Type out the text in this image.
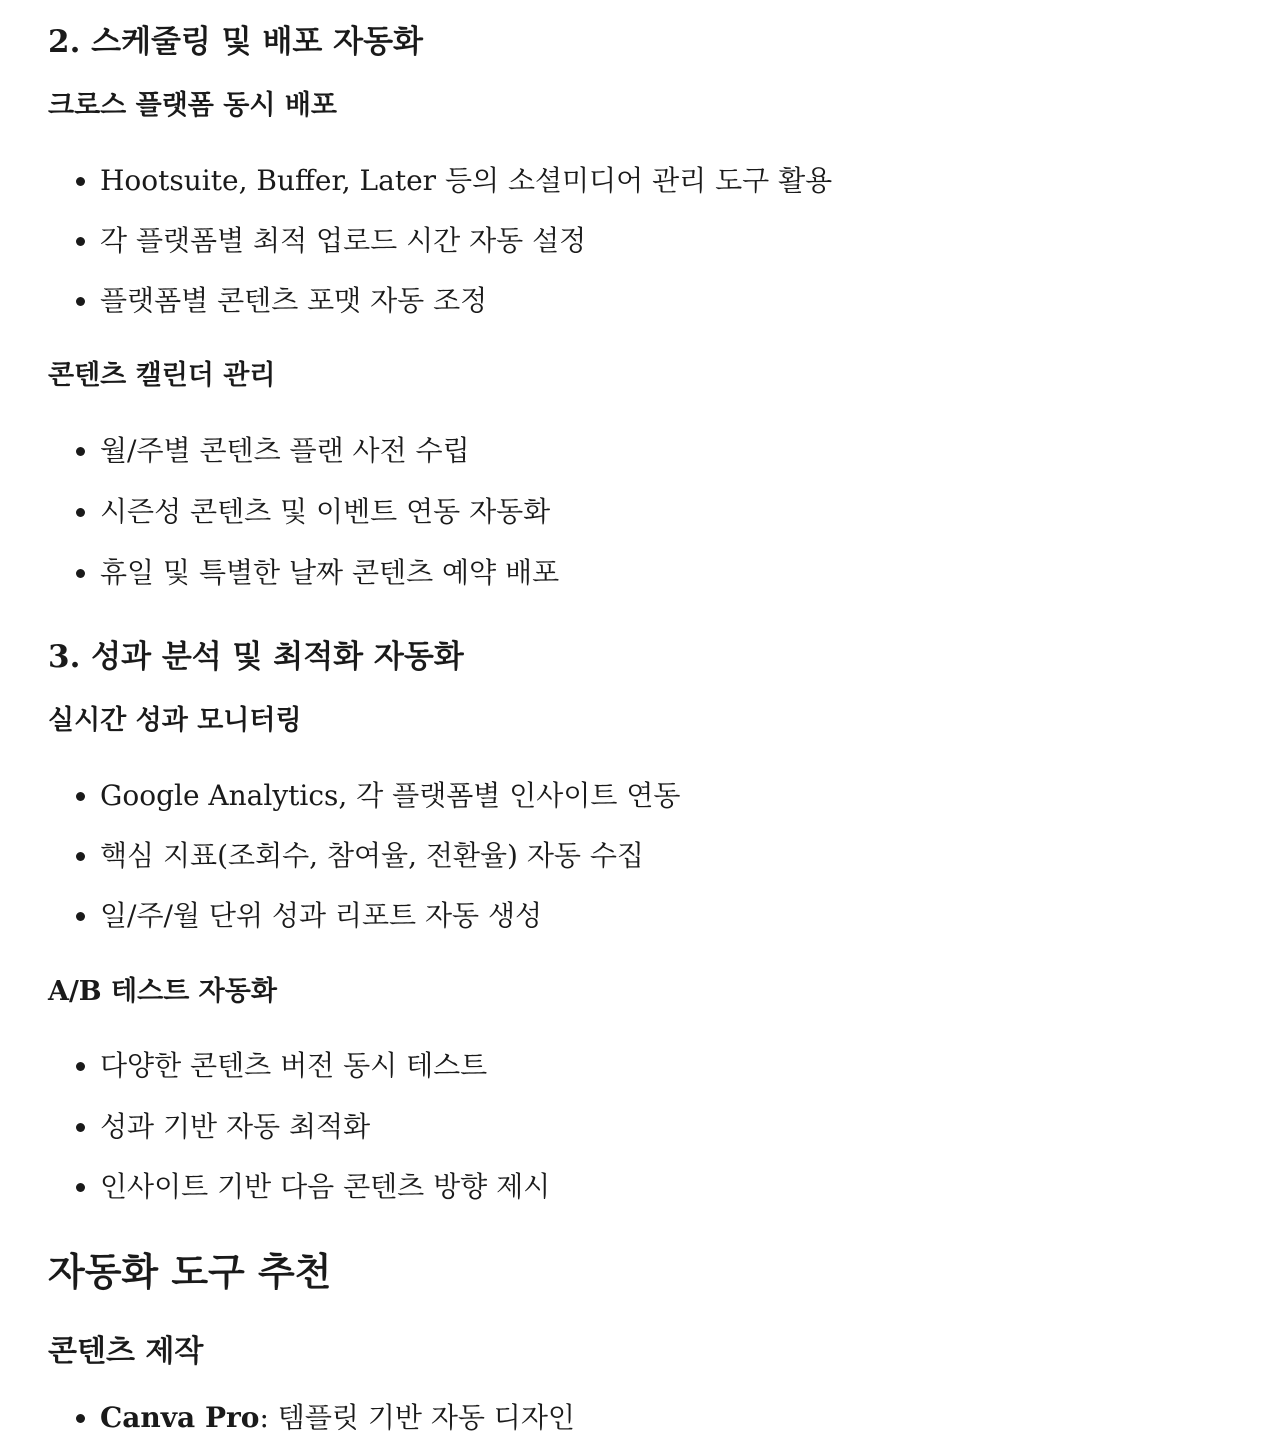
2. 스케줄링 및 배포 자동화
크로스 플랫폼 동시 배포
Hootsuite, Buffer, Later 등의 소셜미디어 관리 도구 활용
각 플랫폼별 최적 업로드 시간 자동 설정
플랫폼별 콘텐츠 포맷 자동 조정
콘텐츠 캘린더 관리
월/주별 콘텐츠 플랜 사전 수립
시즌성 콘텐츠 및 이벤트 연동 자동화
휴일 및 특별한 날짜 콘텐츠 예약 배포
3. 성과 분석 및 최적화 자동화
실시간 성과 모니터링
Google Analytics, 각 플랫폼별 인사이트 연동
핵심 지표(조회수, 참여율, 전환율) 자동 수집
일/주/월 단위 성과 리포트 자동 생성
A/B 테스트 자동화
다양한 콘텐츠 버전 동시 테스트
성과 기반 자동 최적화
인사이트 기반 다음 콘텐츠 방향 제시
자동화 도구 추천
콘텐츠 제작
Canva Pro: 템플릿 기반 자동 디자인
